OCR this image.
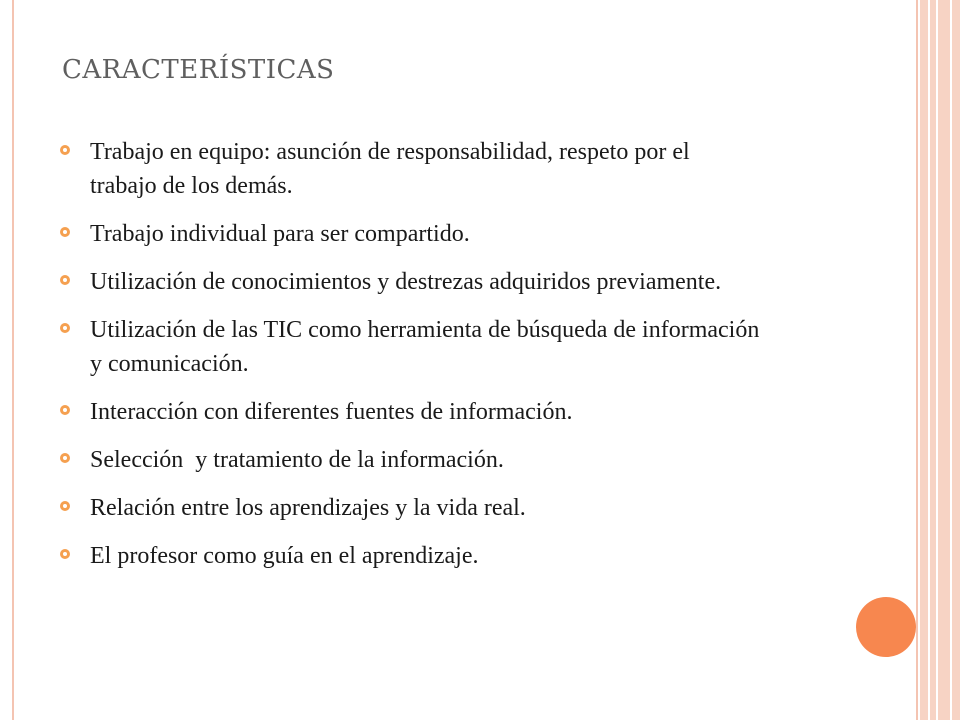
CARACTERÍSTICAS
Trabajo en equipo: asunción de responsabilidad, respeto por el trabajo de los demás.
Trabajo individual para ser compartido.
Utilización de conocimientos y destrezas adquiridos previamente.
Utilización de las TIC como herramienta de búsqueda de información y comunicación.
Interacción con diferentes fuentes de información.
Selección  y tratamiento de la información.
Relación entre los aprendizajes y la vida real.
El profesor como guía en el aprendizaje.
